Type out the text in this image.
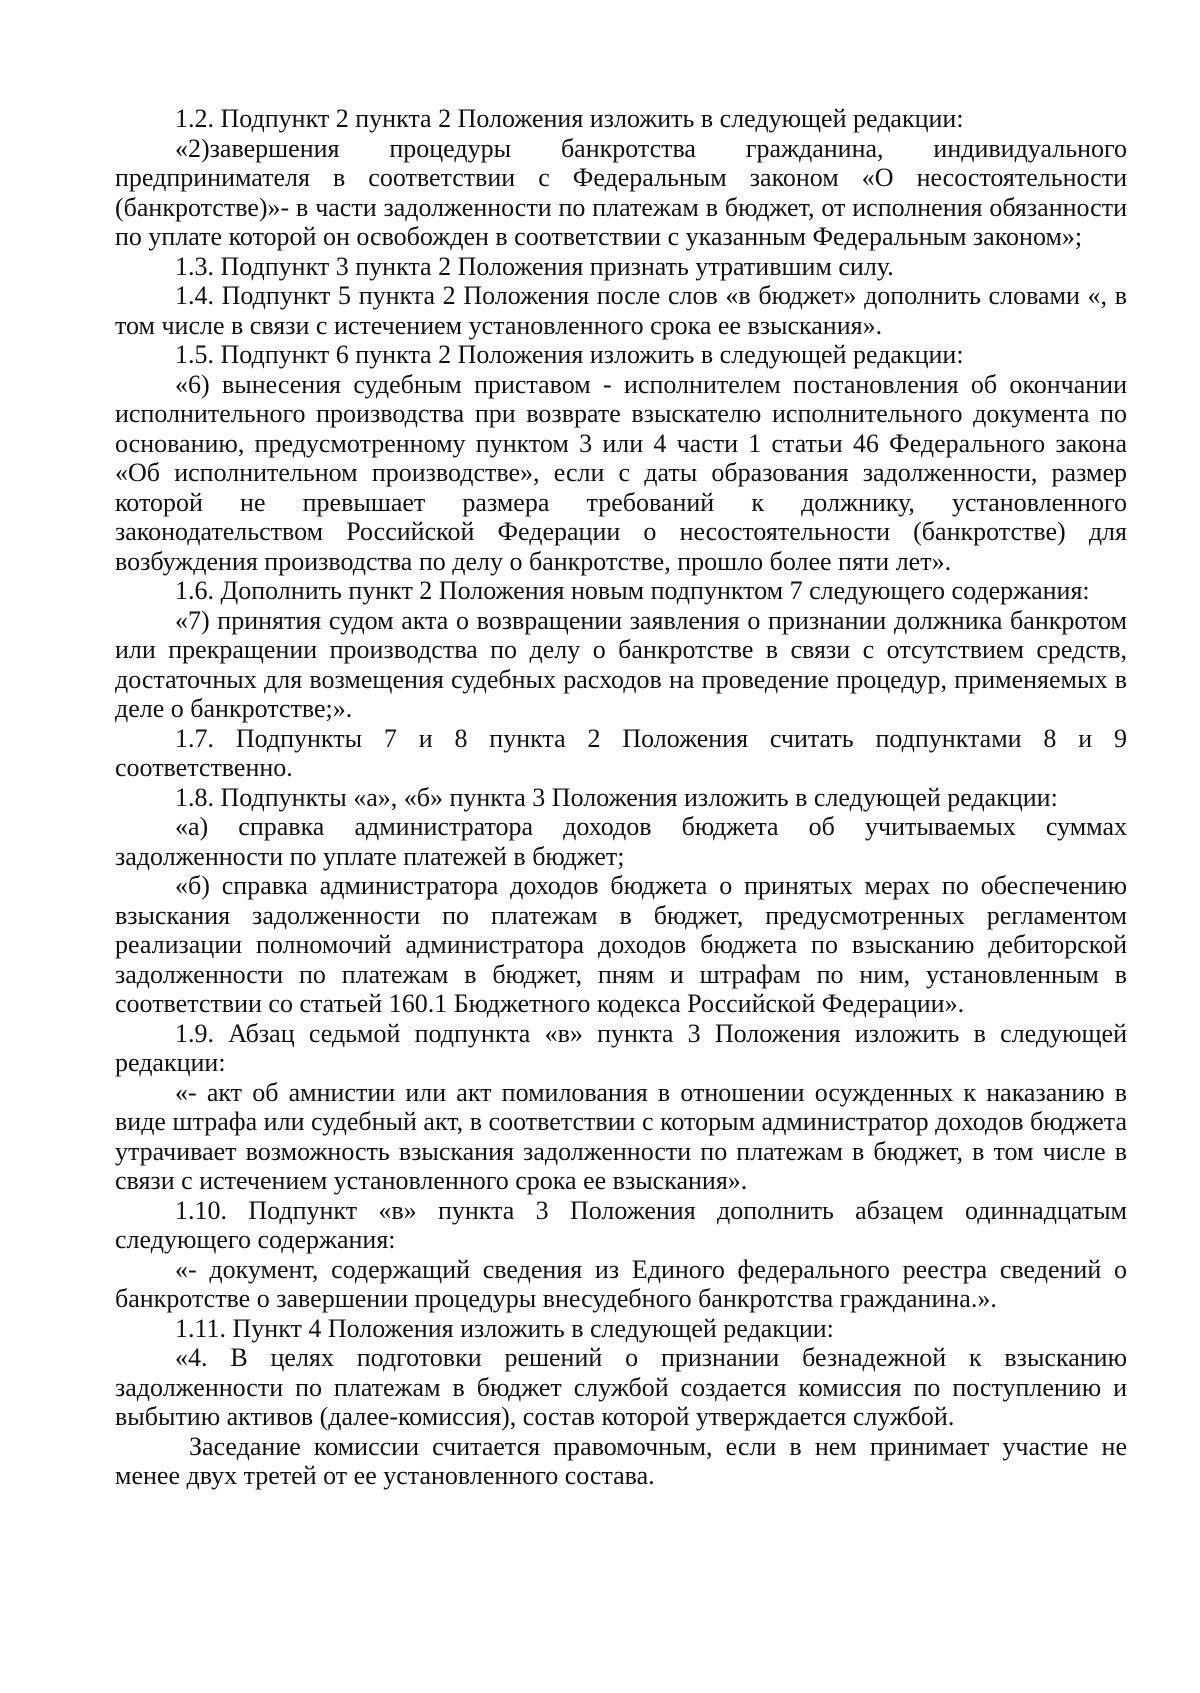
1.2. Подпункт 2 пункта 2 Положения изложить в следующей редакции:

«2)завершения процедуры банкротства гражданина, индивидуального предпринимателя в соответствии с Федеральным законом «О несостоятельности (банкротстве)»- в части задолженности по платежам в бюджет, от исполнения обязанности по уплате которой он освобожден в соответствии с указанным Федеральным законом»;

1.3. Подпункт 3 пункта 2 Положения признать утратившим силу.

1.4. Подпункт 5 пункта 2 Положения после слов «в бюджет» дополнить словами «, в том числе в связи с истечением установленного срока ее взыскания».

1.5. Подпункт 6 пункта 2 Положения изложить в следующей редакции:

«6) вынесения судебным приставом - исполнителем постановления об окончании исполнительного производства при возврате взыскателю исполнительного документа по основанию, предусмотренному пунктом 3 или 4 части 1 статьи 46 Федерального закона «Об исполнительном производстве», если с даты образования задолженности, размер которой не превышает размера требований к должнику, установленного законодательством Российской Федерации о несостоятельности (банкротстве) для возбуждения производства по делу о банкротстве, прошло более пяти лет».

1.6. Дополнить пункт 2 Положения новым подпунктом 7 следующего содержания:

«7) принятия судом акта о возвращении заявления о признании должника банкротом или прекращении производства по делу о банкротстве в связи с отсутствием средств, достаточных для возмещения судебных расходов на проведение процедур, применяемых в деле о банкротстве;».

1.7. Подпункты 7 и 8 пункта 2 Положения считать подпунктами 8 и 9 соответственно.

1.8. Подпункты «а», «б» пункта 3 Положения изложить в следующей редакции:

«а) справка администратора доходов бюджета об учитываемых суммах задолженности по уплате платежей в бюджет;

«б) справка администратора доходов бюджета о принятых мерах по обеспечению взыскания задолженности по платежам в бюджет, предусмотренных регламентом реализации полномочий администратора доходов бюджета по взысканию дебиторской задолженности по платежам в бюджет, пням и штрафам по ним, установленным в соответствии со статьей 160.1 Бюджетного кодекса Российской Федерации».

1.9. Абзац седьмой подпункта «в» пункта 3 Положения изложить в следующей редакции:

«- акт об амнистии или акт помилования в отношении осужденных к наказанию в виде штрафа или судебный акт, в соответствии с которым администратор доходов бюджета утрачивает возможность взыскания задолженности по платежам в бюджет, в том числе в связи с истечением установленного срока ее взыскания».

1.10. Подпункт «в» пункта 3 Положения дополнить абзацем одиннадцатым следующего содержания:

«- документ, содержащий сведения из Единого федерального реестра сведений о банкротстве о завершении процедуры внесудебного банкротства гражданина.».

1.11. Пункт 4 Положения изложить в следующей редакции:

«4. В целях подготовки решений о признании безнадежной к взысканию задолженности по платежам в бюджет службой создается комиссия по поступлению и выбытию активов (далее-комиссия), состав которой утверждается службой.

Заседание комиссии считается правомочным, если в нем принимает участие не менее двух третей от ее установленного состава.
